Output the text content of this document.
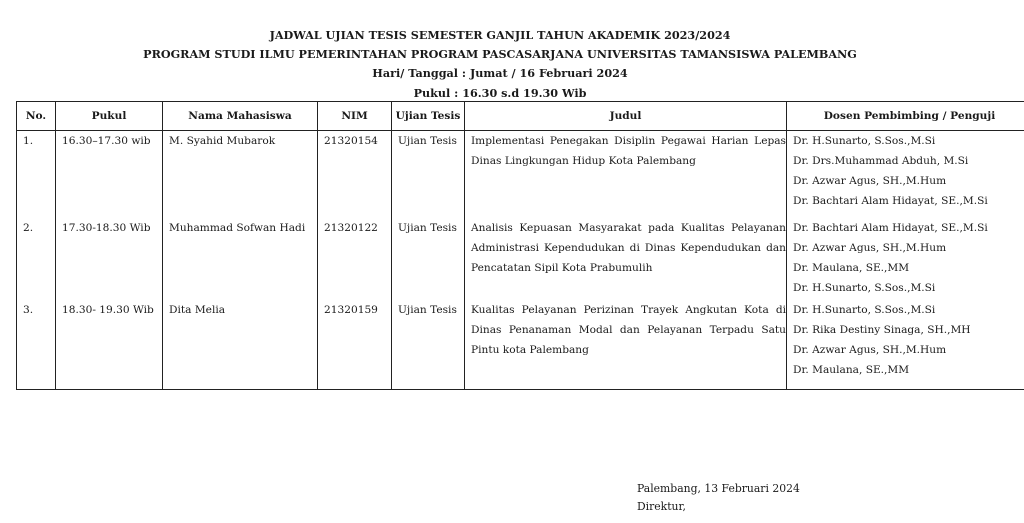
JADWAL UJIAN TESIS SEMESTER GANJIL TAHUN AKADEMIK 2023/2024
PROGRAM STUDI ILMU PEMERINTAHAN PROGRAM PASCASARJANA UNIVERSITAS TAMANSISWA PALEMBANG
Hari/ Tanggal : Jumat / 16 Februari 2024
Pukul : 16.30 s.d 19.30 Wib
No.	Pukul	Nama Mahasiswa	NIM	Ujian Tesis	Judul	Dosen Pembimbing / Penguji
1.	16.30–17.30 wib	M. Syahid Mubarok	21320154	Ujian Tesis	Implementasi Penegakan Disiplin Pegawai Harian Lepas Dinas Lingkungan Hidup Kota Palembang	Dr. H.Sunarto, S.Sos.,M.Si
Dr. Drs.Muhammad Abduh, M.Si
Dr. Azwar Agus, SH.,M.Hum
Dr. Bachtari Alam Hidayat, SE.,M.Si

2.	17.30-18.30 Wib	Muhammad Sofwan Hadi	21320122	Ujian Tesis	Analisis Kepuasan Masyarakat pada Kualitas Pelayanan Administrasi Kependudukan di Dinas Kependudukan dan Pencatatan Sipil Kota Prabumulih	Dr. Bachtari Alam Hidayat, SE.,M.Si
Dr. Azwar Agus, SH.,M.Hum
Dr. Maulana, SE.,MM
Dr. H.Sunarto, S.Sos.,M.Si

3.	18.30- 19.30 Wib	Dita Melia	21320159	Ujian Tesis	Kualitas Pelayanan Perizinan Trayek Angkutan Kota di Dinas Penanaman Modal dan Pelayanan Terpadu Satu Pintu kota Palembang	Dr. H.Sunarto, S.Sos.,M.Si
Dr. Rika Destiny Sinaga, SH.,MH
Dr. Azwar Agus, SH.,M.Hum
Dr. Maulana, SE.,MM
Palembang, 13 Februari 2024
Direktur,
